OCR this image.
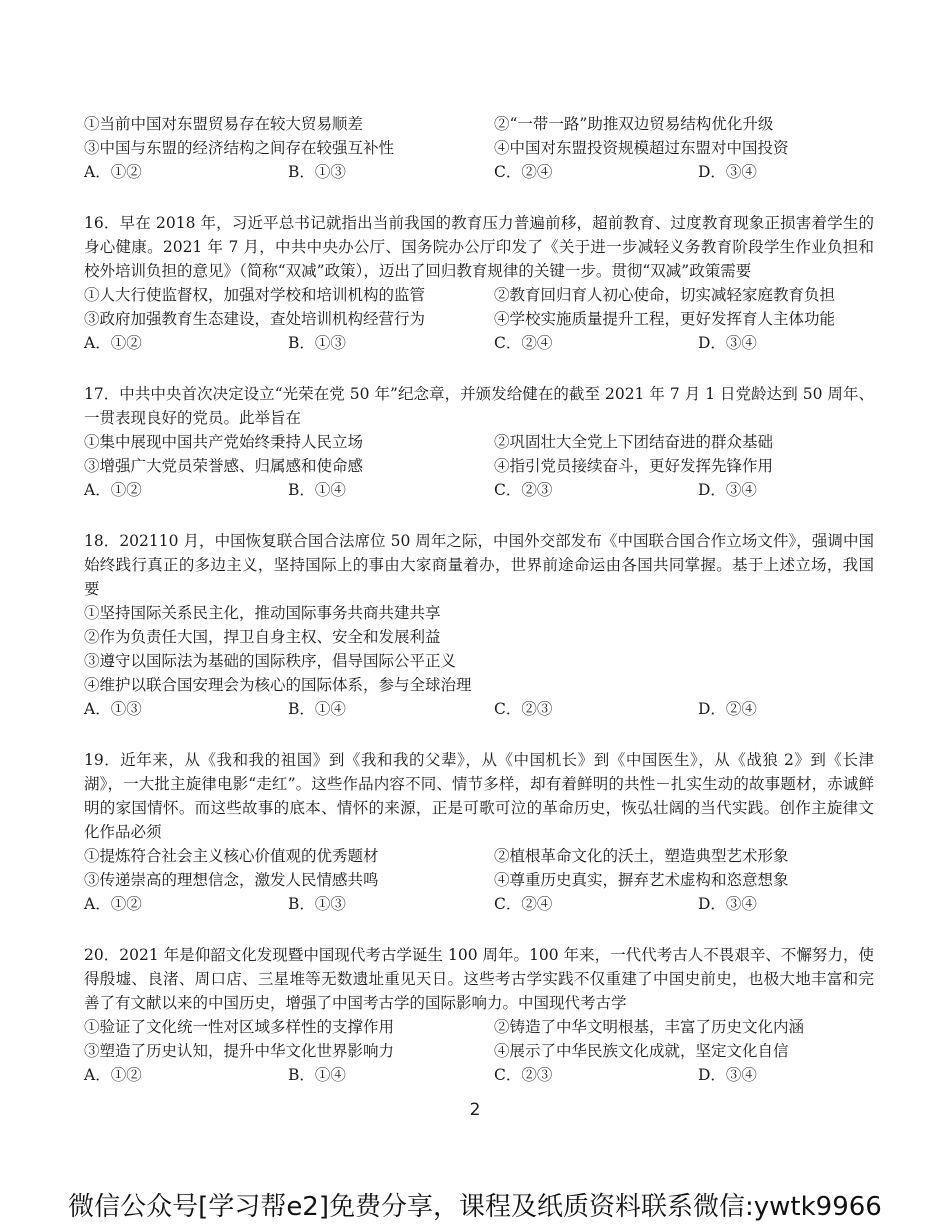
①当前中国对东盟贸易存在较大贸易顺差	②“一带一路”助推双边贸易结构优化升级
③中国与东盟的经济结构之间存在较强互补性	④中国对东盟投资规模超过东盟对中国投资
A．①②	B．①③	C．②④	D．③④
16．早在 2018 年，习近平总书记就指出当前我国的教育压力普遍前移，超前教育、过度教育现象正损害着学生的身心健康。2021 年 7 月，中共中央办公厅、国务院办公厅印发了《关于进一步减轻义务教育阶段学生作业负担和校外培训负担的意见》（简称“双减”政策），迈出了回归教育规律的关键一步。贯彻“双减”政策需要
①人大行使监督权，加强对学校和培训机构的监管	②教育回归育人初心使命，切实减轻家庭教育负担
③政府加强教育生态建设，查处培训机构经营行为	④学校实施质量提升工程，更好发挥育人主体功能
A．①②	B．①③	C．②④	D．③④
17．中共中央首次决定设立“光荣在党 50 年”纪念章，并颁发给健在的截至 2021 年 7 月 1 日党龄达到 50 周年、一贯表现良好的党员。此举旨在
①集中展现中国共产党始终秉持人民立场	②巩固壮大全党上下团结奋进的群众基础
③增强广大党员荣誉感、归属感和使命感	④指引党员接续奋斗，更好发挥先锋作用
A．①②	B．①④	C．②③	D．③④
18．202110 月，中国恢复联合国合法席位 50 周年之际，中国外交部发布《中国联合国合作立场文件》，强调中国始终践行真正的多边主义，坚持国际上的事由大家商量着办，世界前途命运由各国共同掌握。基于上述立场，我国要
①坚持国际关系民主化，推动国际事务共商共建共享
②作为负责任大国，捍卫自身主权、安全和发展利益
③遵守以国际法为基础的国际秩序，倡导国际公平正义
④维护以联合国安理会为核心的国际体系，参与全球治理
A．①③	B．①④	C．②③	D．②④
19．近年来，从《我和我的祖国》到《我和我的父辈》，从《中国机长》到《中国医生》，从《战狼 2》到《长津湖》，一大批主旋律电影“走红”。这些作品内容不同、情节多样，却有着鲜明的共性－扎实生动的故事题材，赤诚鲜明的家国情怀。而这些故事的底本、情怀的来源，正是可歌可泣的革命历史，恢弘壮阔的当代实践。创作主旋律文化作品必须
①提炼符合社会主义核心价值观的优秀题材	②植根革命文化的沃土，塑造典型艺术形象
③传递崇高的理想信念，激发人民情感共鸣	④尊重历史真实，摒弃艺术虚构和恣意想象
A．①②	B．①③	C．②④	D．③④
20．2021 年是仰韶文化发现暨中国现代考古学诞生 100 周年。100 年来，一代代考古人不畏艰辛、不懈努力，使得殷墟、良渚、周口店、三星堆等无数遗址重见天日。这些考古学实践不仅重建了中国史前史，也极大地丰富和完善了有文献以来的中国历史，增强了中国考古学的国际影响力。中国现代考古学
①验证了文化统一性对区域多样性的支撑作用	②铸造了中华文明根基，丰富了历史文化内涵
③塑造了历史认知，提升中华文化世界影响力	④展示了中华民族文化成就，坚定文化自信
A．①②	B．①④	C．②③	D．③④
2
微信公众号[学习帮e2]免费分享，课程及纸质资料联系微信:ywtk9966
